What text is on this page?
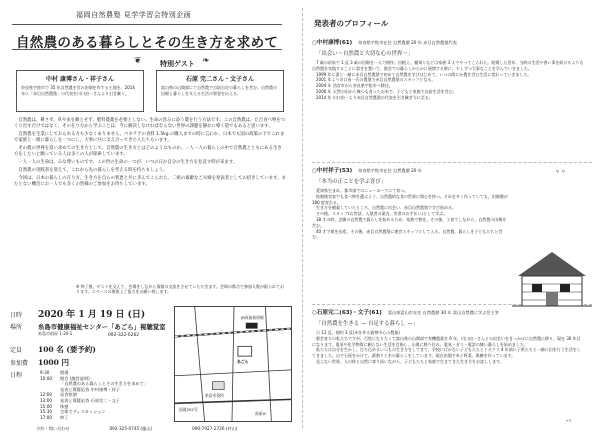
福岡自然農塾 見学学習会特別企画
自然農のある暮らしとその生き方を求めて
❦	特別ゲスト ❧
中村 康博さん・祥子さん
奈良県宇陀市で 35 年自然農を営み田畑を有する土地を、2014 年に「赤目自然農塾」の代表を川口由一さんより引き継ぐ。
石原 完二さん・文子さん
富山県の山間部にて自然農で自給自足の暮らしを営む。自然農の田畑と暮らしを支える生活の智恵を伝える。

自然農は、耕さず、草や虫を敵とせず、肥料農薬を必要としない。生命の営みに添う農を行う方法です。この自然農は、ただ食べ物をつくり出すだけではなく、その在り方から学ぶことは、今に解決しなければならない世界の課題を静かに導く道でもあると思います。

自然農を生業にしておられる方も少なくありません。ベネチアの食料 1.5kg の購入までの時に言われ、日本でも国の政策の下でこれまで家族と一緒に暮らしを一つにし、大事に共に支え合ってきた人たちもいます。

その農の世界を追い求めての生き方として、自然農の生き方とはどのようなものか。一人一人の暮らしの中で自然農とともにある生き方をしたいと願っている人は多くの人が探索しています。

一人一人の生命は、みな尊いものです。この世の生命の一つが、いつの日か自分の生き方を見直す時が来ます。

自然農の実践者を迎えて、これから先の暮らしを考える時を持ちましょう。

今回は、日本の暮らしの在り方、生き方を自らの智恵と共に歩んでこられた、二組の素敵なご夫婦を発表者としてお招きしています。またとない機会にお一人でも多くの皆様のご参加をお待ちしています。

※ 終了後、ゲストを交えて、会場をしながら情報の交流をさせていただきます。会場の都合で参加人数が限られております。スペースの関係上ご協力をお願い致します。
日時	2020 年 1 月 19 日 (日)
場所	糸島市健康福祉センター「あごら」視聴覚室
092-322-6262
定員	100 名 (要予約)
参加費	1000 円
日程
糸島市前原 1-20-1
9:30	開場
10:00	開会 (趣旨説明)
「自然農のある暮らしとその生き方を求めて」
発表と質疑応答 中村康博・祥子
12:00	昼食休憩
13:00	発表と質疑応答 石原完二・文子
15:00	休憩
15:30	全体でディスカッション
17:00	終了
JR筑前前原駅
あごら
糸島市役所
国道202号
前原IC
予約・問い合わせ	092-325-0745 (藤山)	090-7927-2726 (村山)
発表者のプロフィール
○中村康博(61) 奈良県宇陀市在住 自然農歴 20 年 赤目自然農塾代表
「出会い〜自然農と大切な心の世界〜」

7 歳の頃家で 1 反 3 畝の田畑を一人で耕作。田植え、稲刈りなどは家族 3 人でやってこられた。結婚した翌年、当時の生活や習い事を続けるよりも自然農を実践することに重きを置いて、都会での暮らしからかに展開する時に、少しずつ大事なことを学んでいきました。

1999 年に妻と一緒に赤目自然農塾で初めて自然農を学びはじめて、いつの間にか農を営む生活に変わっていきました。

2001 年より川口由一氏の農塾で赤目自然農塾のスタッフとなる。

2004 年 西宮市から奈良県宇陀市へ移住。

2006 年 天然の田から幾つも育ったお米で、子どもと家族で自給生活を営む。

2014 年 川口由一より赤目自然農塾の代表を引き継ぎ今に至る。

○中村祥子(53) 奈良県宇陀市在住 自然農歴 20 年
「本当の正ことを学ぶ喜び」

愛知県生まれ。都市部でのニューヨークにて育つ。

結婚後実家でも食べ物を選ぶよう、自然農的な食の世界に関心を持つ。それを多く作っていても、田畑歴が 180 度変わる。

生き方を模索していたところ、自然農に出会い、赤目自然農塾で学び始める。

その後、スタッフ(お世話、入塾者の案内、実習のお手伝い)として学ぶ。

38 才の時、念願の自然農で暮らしを始めるため、家族で移住。その後、子育てしながら、自然農の田畑を営む。

40 才で娘を出産。その後、赤目自然農塾に運営スタッフとして入る。自然農、暮らしを子どもたちと営む。

○石原完二(63)・文子(61) 富山県富山市在住 自然農歴 30 年 富山自然農に学ぶ会主宰
「自然農を生きる — 自足する暮らし —」

日 13 反、畑約 3 反(米を作る穀物中心の農業)

都会育ちの私たちですが、百姓になりたくて富山県の山間部で有機農業を 6 年、川口由一さんとの出会いをきっかけに自然農に移り、現在 30 年目になります。電気や化学物質に頼らない生活を目指し、山奥に移り住み、電気・ガス・電話の無い暮らしを始めました。

私たちは自分を生かし、打ち込めるいつもの生き方をしてきて、学校に行かない子どもたちとトオクリ 4 年前に子供たちと一緒に田を行う生活をしてきました。山で石屋をかけて、薪割りと木の暮らしをしています。現在田畑で米と野菜、果樹を作っています。

見えない世界、人の絆と自然に寄り添いながら、子どもたちと家族で生きてきた生き方をお話しします。

ᵛ ᵛ
ᵛᵛ
